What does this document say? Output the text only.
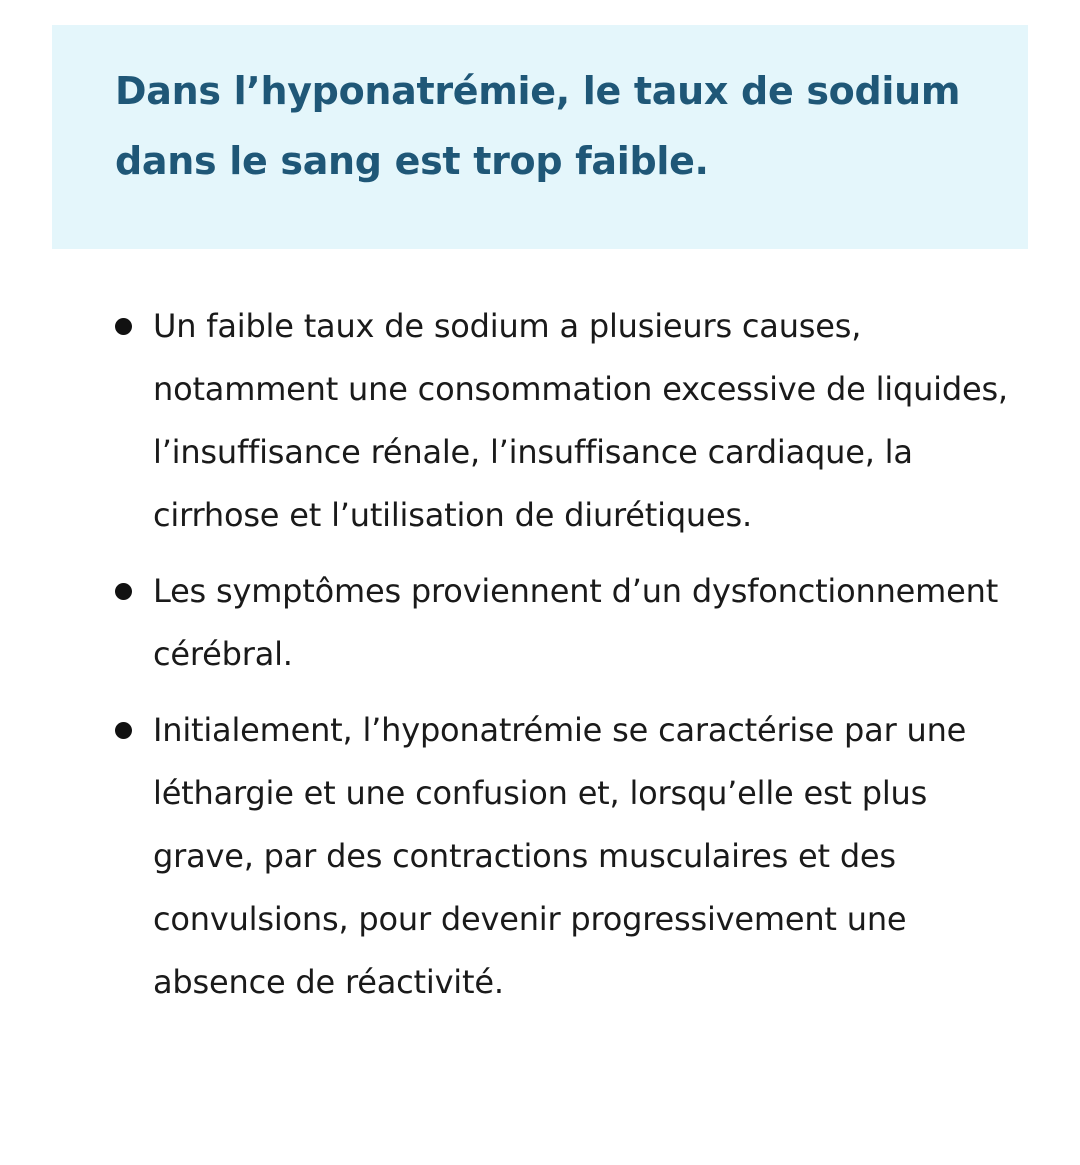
Dans l’hyponatrémie, le taux de sodium dans le sang est trop faible.
Un faible taux de sodium a plusieurs causes, notamment une consommation excessive de liquides, l’insuffisance rénale, l’insuffisance cardiaque, la cirrhose et l’utilisation de diurétiques.
Les symptômes proviennent d’un dysfonctionnement cérébral.
Initialement, l’hyponatrémie se caractérise par une léthargie et une confusion et, lorsqu’elle est plus grave, par des contractions musculaires et des convulsions, pour devenir progressivement une absence de réactivité.
